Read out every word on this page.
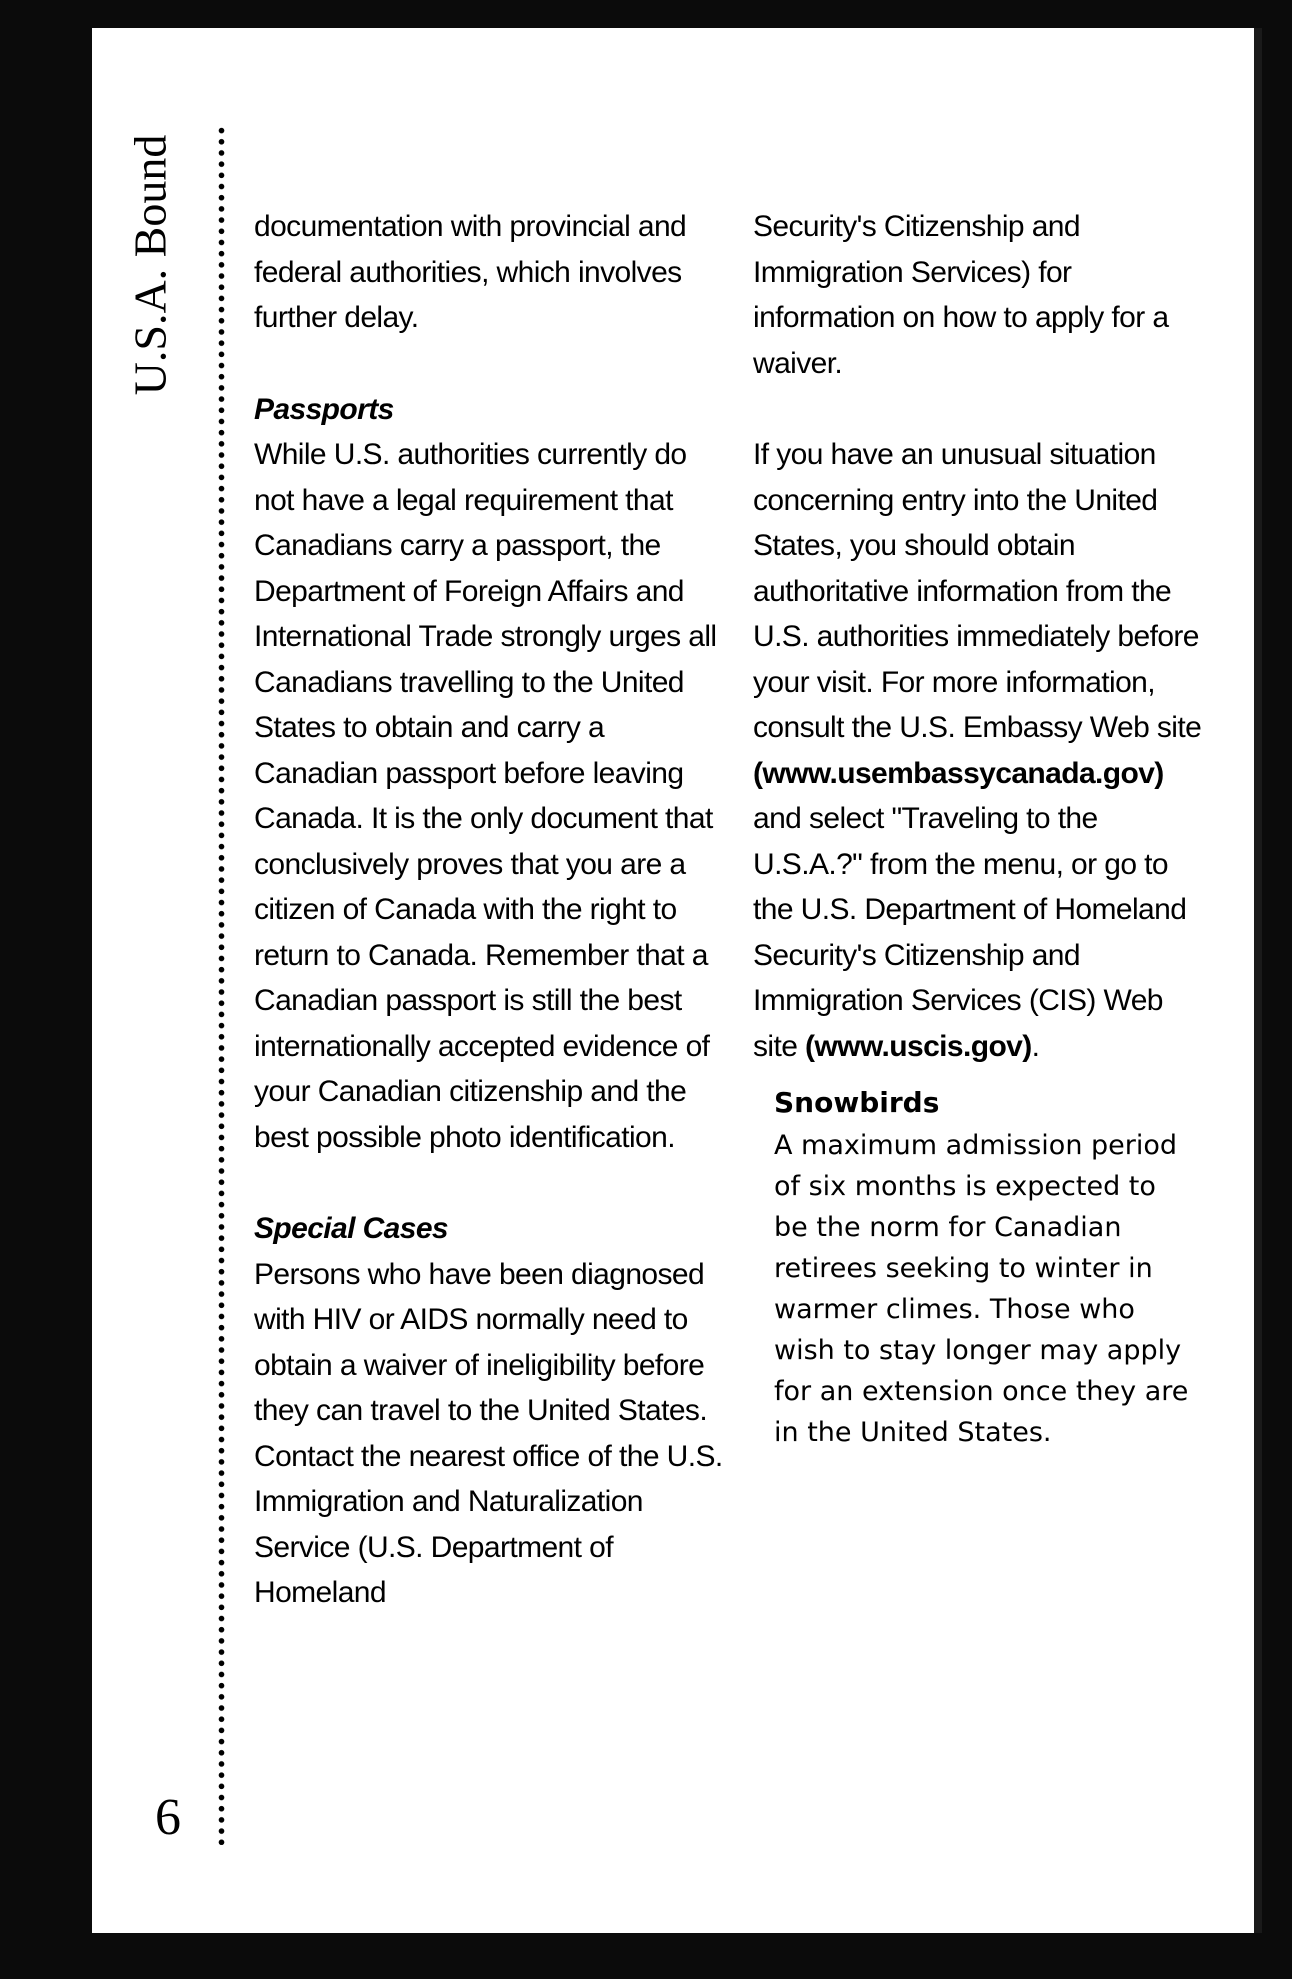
U.S.A. Bound
6

documentation with provincial and federal authorities, which involves further delay.

Passports

While U.S. authorities currently do not have a legal requirement that Canadians carry a passport, the Department of Foreign Affairs and International Trade strongly urges all Canadians travelling to the United States to obtain and carry a Canadian passport before leaving Canada. It is the only document that conclusively proves that you are a citizen of Canada with the right to return to Canada. Remember that a Canadian passport is still the best internationally accepted evidence of your Canadian citizenship and the best possible photo identification.

Special Cases

Persons who have been diagnosed with HIV or AIDS normally need to obtain a waiver of ineligibility before they can travel to the United States. Contact the nearest office of the U.S. Immigration and Naturalization Service (U.S. Department of Homeland

Security's Citizenship and Immigration Services) for information on how to apply for a waiver.

If you have an unusual situation concerning entry into the United States, you should obtain authoritative information from the U.S. authorities immediately before your visit. For more information, consult the U.S. Embassy Web site (www.usembassycanada.gov) and select "Traveling to the U.S.A.?" from the menu, or go to the U.S. Department of Homeland Security's Citizenship and Immigration Services (CIS) Web site (www.uscis.gov).

Snowbirds

A maximum admission period of six months is expected to be the norm for Canadian retirees seeking to winter in warmer climes. Those who wish to stay longer may apply for an extension once they are in the United States.
